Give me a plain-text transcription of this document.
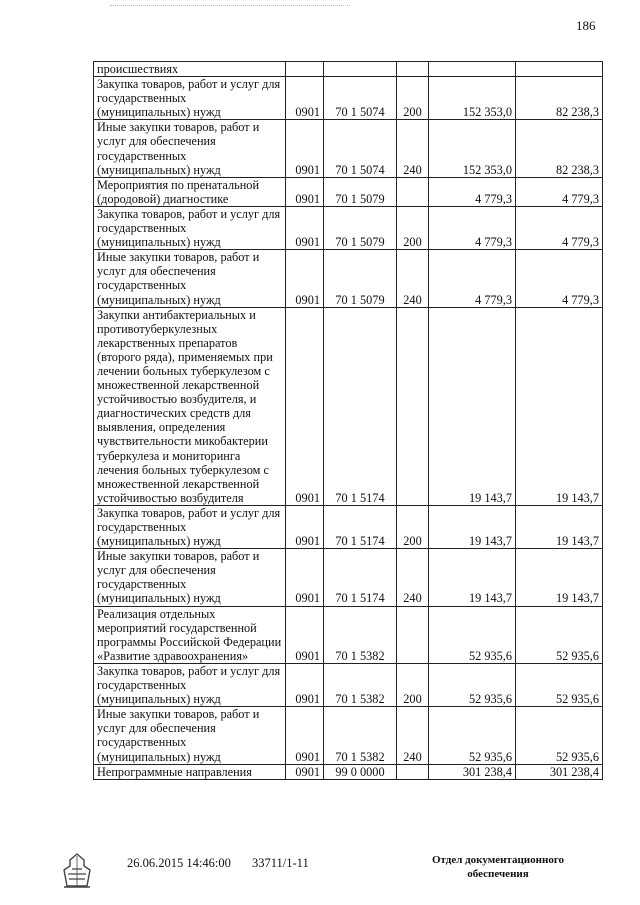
186
происшествиях					
Закупка товаров, работ и услуг для государственных (муниципальных) нужд	0901	70 1 5074	200	152 353,0	82 238,3
Иные закупки товаров, работ и услуг для обеспечения государственных (муниципальных) нужд	0901	70 1 5074	240	152 353,0	82 238,3
Мероприятия по пренатальной (дородовой) диагностике	0901	70 1 5079		4 779,3	4 779,3
Закупка товаров, работ и услуг для государственных (муниципальных) нужд	0901	70 1 5079	200	4 779,3	4 779,3
Иные закупки товаров, работ и услуг для обеспечения государственных (муниципальных) нужд	0901	70 1 5079	240	4 779,3	4 779,3
Закупки антибактериальных и противотуберкулезных лекарственных препаратов (второго ряда), применяемых при лечении больных туберкулезом с множественной лекарственной устойчивостью возбудителя, и диагностических средств для выявления, определения чувствительности микобактерии туберкулеза и мониторинга лечения больных туберкулезом с множественной лекарственной устойчивостью возбудителя	0901	70 1 5174		19 143,7	19 143,7
Закупка товаров, работ и услуг для государственных (муниципальных) нужд	0901	70 1 5174	200	19 143,7	19 143,7
Иные закупки товаров, работ и услуг для обеспечения государственных (муниципальных) нужд	0901	70 1 5174	240	19 143,7	19 143,7
Реализация отдельных мероприятий государственной программы Российской Федерации «Развитие здравоохранения»	0901	70 1 5382		52 935,6	52 935,6
Закупка товаров, работ и услуг для государственных (муниципальных) нужд	0901	70 1 5382	200	52 935,6	52 935,6
Иные закупки товаров, работ и услуг для обеспечения государственных (муниципальных) нужд	0901	70 1 5382	240	52 935,6	52 935,6
Непрограммные направления	0901	99 0 0000		301 238,4	301 238,4
26.06.2015 14:46:00 33711/1-11	Отдел документационного обеспечения
